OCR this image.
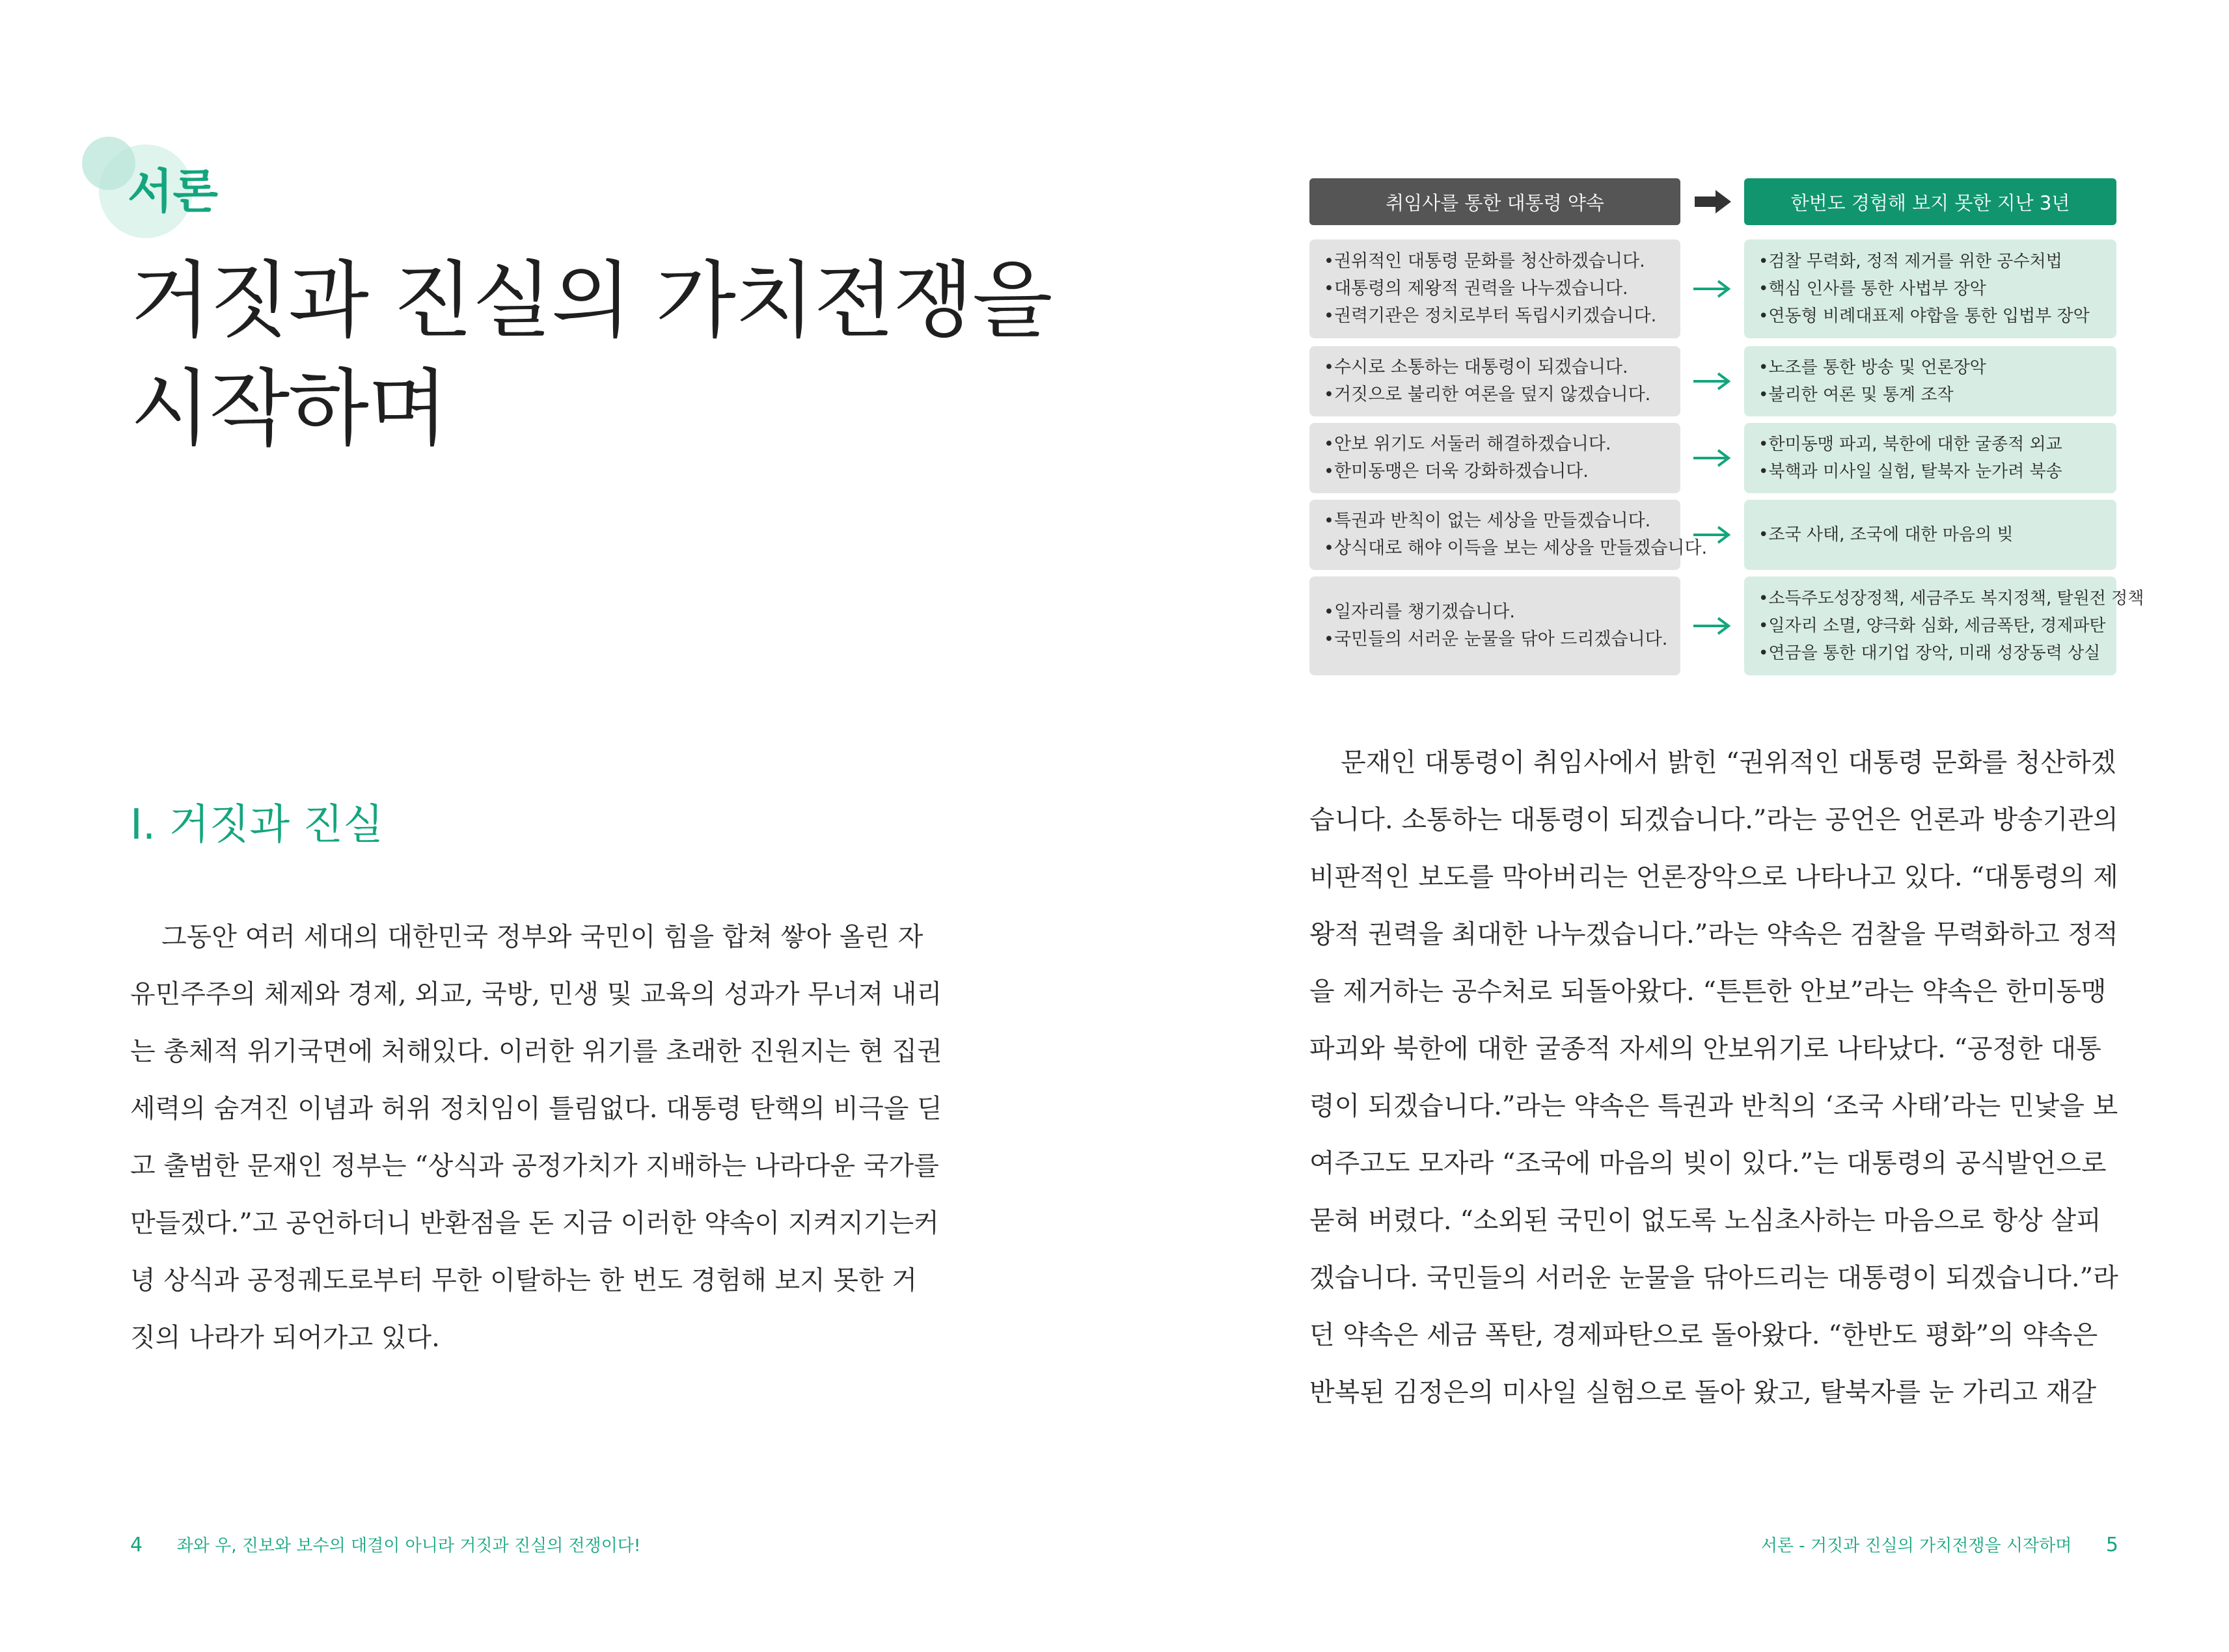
서론
거짓과 진실의 가치전쟁을
시작하며
I. 거짓과 진실
그동안 여러 세대의 대한민국 정부와 국민이 힘을 합쳐 쌓아 올린 자
유민주주의 체제와 경제, 외교, 국방, 민생 및 교육의 성과가 무너져 내리
는 총체적 위기국면에 처해있다. 이러한 위기를 초래한 진원지는 현 집권
세력의 숨겨진 이념과 허위 정치임이 틀림없다. 대통령 탄핵의 비극을 딛
고 출범한 문재인 정부는 “상식과 공정가치가 지배하는 나라다운 국가를
만들겠다.”고 공언하더니 반환점을 돈 지금 이러한 약속이 지켜지기는커
녕 상식과 공정궤도로부터 무한 이탈하는 한 번도 경험해 보지 못한 거
짓의 나라가 되어가고 있다.
4 좌와 우, 진보와 보수의 대결이 아니라 거짓과 진실의 전쟁이다!
취임사를 통한 대통령 약속	한번도 경험해 보지 못한 지난 3년
• 권위적인 대통령 문화를 청산하겠습니다.
• 대통령의 제왕적 권력을 나누겠습니다.
• 권력기관은 정치로부터 독립시키겠습니다.
• 검찰 무력화, 정적 제거를 위한 공수처법
• 핵심 인사를 통한 사법부 장악
• 연동형 비례대표제 야합을 통한 입법부 장악
• 수시로 소통하는 대통령이 되겠습니다.
• 거짓으로 불리한 여론을 덮지 않겠습니다.
• 노조를 통한 방송 및 언론장악
• 불리한 여론 및 통계 조작
• 안보 위기도 서둘러 해결하겠습니다.
• 한미동맹은 더욱 강화하겠습니다.
• 한미동맹 파괴, 북한에 대한 굴종적 외교
• 북핵과 미사일 실험, 탈북자 눈가려 북송
• 특권과 반칙이 없는 세상을 만들겠습니다.
• 상식대로 해야 이득을 보는 세상을 만들겠습니다.
• 조국 사태, 조국에 대한 마음의 빚
• 일자리를 챙기겠습니다.
• 국민들의 서러운 눈물을 닦아 드리겠습니다.
• 소득주도성장정책, 세금주도 복지정책, 탈원전 정책
• 일자리 소멸, 양극화 심화, 세금폭탄, 경제파탄
• 연금을 통한 대기업 장악, 미래 성장동력 상실
문재인 대통령이 취임사에서 밝힌 “권위적인 대통령 문화를 청산하겠
습니다. 소통하는 대통령이 되겠습니다.”라는 공언은 언론과 방송기관의
비판적인 보도를 막아버리는 언론장악으로 나타나고 있다. “대통령의 제
왕적 권력을 최대한 나누겠습니다.”라는 약속은 검찰을 무력화하고 정적
을 제거하는 공수처로 되돌아왔다. “튼튼한 안보”라는 약속은 한미동맹
파괴와 북한에 대한 굴종적 자세의 안보위기로 나타났다. “공정한 대통
령이 되겠습니다.”라는 약속은 특권과 반칙의 ‘조국 사태’라는 민낯을 보
여주고도 모자라 “조국에 마음의 빚이 있다.”는 대통령의 공식발언으로
묻혀 버렸다. “소외된 국민이 없도록 노심초사하는 마음으로 항상 살피
겠습니다. 국민들의 서러운 눈물을 닦아드리는 대통령이 되겠습니다.”라
던 약속은 세금 폭탄, 경제파탄으로 돌아왔다. “한반도 평화”의 약속은
반복된 김정은의 미사일 실험으로 돌아 왔고, 탈북자를 눈 가리고 재갈
서론 - 거짓과 진실의 가치전쟁을 시작하며 5
